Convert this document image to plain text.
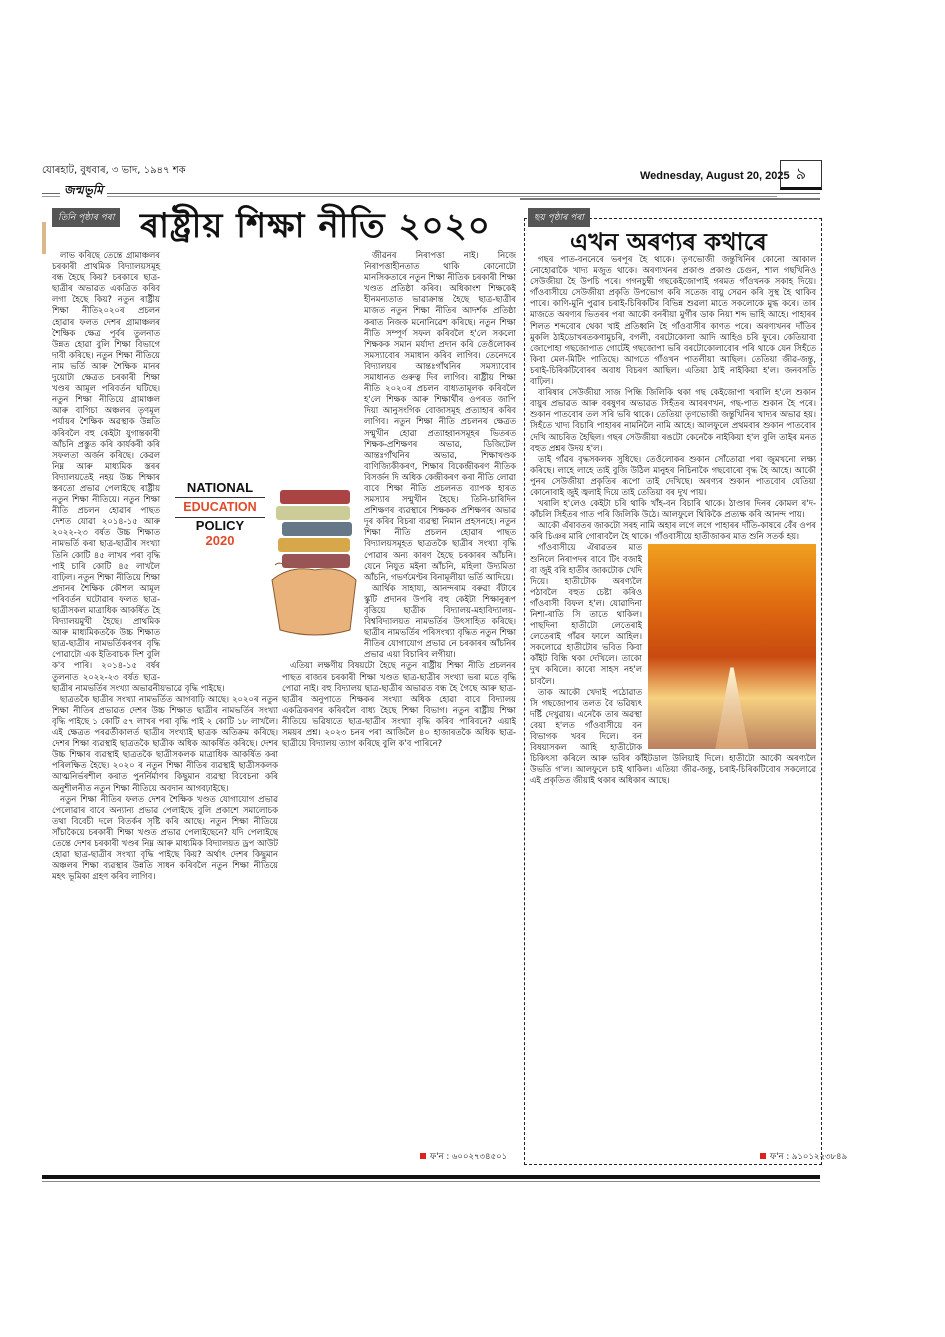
যোৰহাট, বুধবাৰ, ৩ ভাদ, ১৯৪৭ শক	Wednesday, August 20, 2025 ৯
জন্মভূমি
তিনি পৃষ্ঠাৰ পৰা ৰাষ্ট্ৰীয় শিক্ষা নীতি ২০২০

লাভ কৰিছে তেন্তে গ্ৰামাঞ্চলৰ চৰকাৰী প্ৰাথমিক বিদ্যালয়সমূহ বন্ধ হৈছে কিয়? চৰকাৰে ছাত্ৰ-ছাত্ৰীৰ অভাৱত একত্ৰিত কৰিব লগা হৈছে কিয়? নতুন ৰাষ্ট্ৰীয় শিক্ষা নীতি২০২০ৰ প্ৰচলন হোৱাৰ ফলত দেশৰ গ্ৰামাঞ্চলৰ শৈক্ষিক ক্ষেত্ৰ পূৰ্বৰ তুলনাত উন্নত হোৱা বুলি শিক্ষা বিভাগে দাবী কৰিছে। নতুন শিক্ষা নীতিয়ে নাম ভৰ্তি আৰু শৈক্ষিক মানৰ দুয়োটা ক্ষেত্ৰত চৰকাৰী শিক্ষা খণ্ডৰ আমূল পৰিবৰ্তন ঘটিছে। নতুন শিক্ষা নীতিয়ে গ্ৰামাঞ্চল আৰু বাগিচা অঞ্চলৰ তৃণমূল পৰ্যায়ৰ শৈক্ষিক অৱস্থাক উন্নতি কৰিবলৈ বহু কেইটা যুগান্তকাৰী আঁচনি প্ৰস্তুত কৰি কাৰ্যকৰী কৰি সফলতা অৰ্জন কৰিছে। কেৱল নিম্ন আৰু মাধ্যমিক স্তৰৰ বিদ্যালয়তেই নহয় উচ্চ শিক্ষাৰ স্তৰতো প্ৰভাৱ পেলাইছে ৰাষ্ট্ৰীয় নতুন শিক্ষা নীতিয়ে। নতুন শিক্ষা নীতি প্ৰচলন হোৱাৰ পাছত দেশত যোৱা ২০১৪-১৫ আৰু ২০২২-২৩ বৰ্ষত উচ্চ শিক্ষাত নামভৰ্তি কৰা ছাত্ৰ-ছাত্ৰীৰ সংখ্যা তিনি কোটি ৪৫ লাখৰ পৰা বৃদ্ধি পাই চাৰি কোটি ৪৫ লাখলৈ বাঢ়িল। নতুন শিক্ষা নীতিয়ে শিক্ষা প্ৰদানৰ শৈক্ষিক কৌশল আমূল পৰিবৰ্তন ঘটোৱাৰ ফলত ছাত্ৰ-ছাত্ৰীসকল মাত্ৰাধিক আকৰ্ষিত হৈ বিদ্যালয়মুখী হৈছে। প্ৰাথমিক আৰু মাধ্যমিকতকৈ উচ্চ শিক্ষাত ছাত্ৰ-ছাত্ৰীৰ নামভৰ্তিকৰণৰ বৃদ্ধি পোৱাটো এক ইতিবাচক দিশ বুলি ক'ব পাৰি। ২০১৪-১৫ বৰ্ষৰ তুলনাত ২০২২-২৩ বৰ্ষত ছাত্ৰ-ছাত্ৰীৰ নামভৰ্তিৰ সংখ্যা অভাৱনীয়ভাৱে বৃদ্ধি পাইছে।

ছাত্ৰতকৈ ছাত্ৰীৰ সংখ্যা নামভৰ্তিত আগবাঢ়ি আছে। ২০২০ৰ নতুন শিক্ষা নীতিৰ প্ৰভাৱত দেশৰ উচ্চ শিক্ষাত ছাত্ৰীৰ নামভৰ্তিৰ সংখ্যা বৃদ্ধি পাইছে ১ কোটি ৫৭ লাখৰ পৰা বৃদ্ধি পাই ২ কোটি ১৮ লাখলৈ। এই ক্ষেত্ৰত পৰৱৰ্তীকালৰ্ত ছাত্ৰীৰ সংখ্যাই ছাত্ৰক অতিক্ৰম কৰিছে। দেশৰ শিক্ষা ব্যৱস্থাই ছাত্ৰতকৈ ছাত্ৰীক অধিক আকৰ্ষিত কৰিছে। দেশৰ উচ্চ শিক্ষাৰ ব্যৱস্থাই ছাত্ৰতকৈ ছাত্ৰীসকলক মাত্ৰাধিক আকৰ্ষিত কৰা পৰিলক্ষিত হৈছে। ২০২০ ৰ নতুন শিক্ষা নীতিৰ ব্যৱস্থাই ছাত্ৰীসকলক আত্মনিৰ্ভৰশীল কৰাত পুনৰ্নিৰ্মাণৰ কিছুমান ব্যৱস্থা বিবেচনা কৰি অনুশীলনীত নতুন শিক্ষা নীতিয়ে অবদান আগবঢ়াইছে।

নতুন শিক্ষা নীতিৰ ফলত দেশৰ শৈক্ষিক খণ্ডত যোগাযোগ প্ৰভাৱ পেলোৱাৰ বাবে অন্যান্য প্ৰভাৱ পেলাইছে বুলি প্ৰকাশে সমালোচক তথা বিবেচী দলে বিতৰ্কৰ সৃষ্টি কৰি আছে। নতুন শিক্ষা নীতিয়ে সাঁচাকৈয়ে চৰকাৰী শিক্ষা খণ্ডত প্ৰভাৱ পেলাইছেনে? যদি পেলাইছে তেন্তে দেশৰ চৰকাৰী খণ্ডৰ নিম্ন আৰু মাধ্যমিক বিদ্যালয়ত ড্ৰপ আউট হোৱা ছাত্ৰ-ছাত্ৰীৰ সংখ্যা বৃদ্ধি পাইছে কিয়? অৰ্থাৎ দেশৰ কিছুমান অঞ্চলৰ শিক্ষা ব্যৱস্থাৰ উন্নতি সাধন কৰিবলৈ নতুন শিক্ষা নীতিয়ে মহৎ ভূমিকা গ্ৰহণ কৰিব লাগিব।

জীৱনৰ নিৰাপত্তা নাই। নিজে নিৰাপত্তাহীনতাত থাকি কোনোটো মানসিকতাৰে নতুন শিক্ষা নীতিক চৰকাৰী শিক্ষা খণ্ডত প্ৰতিষ্ঠা কৰিব। অধিকাংশ শিক্ষকেই হীনমন্যতাত ভাৱাক্ৰান্ত হৈছে ছাত্ৰ-ছাত্ৰীৰ মাজত নতুন শিক্ষা নীতিৰ আদৰ্শক প্ৰতিষ্ঠা কৰাত নিজক মনোনিৱেশ কৰিছে। নতুন শিক্ষা নীতি সম্পূৰ্ণ সফল কৰিবলৈ হ'লে সকলো শিক্ষকক সমান মৰ্যাদা প্ৰদান কৰি তেওঁলোকৰ সমস্যাবোৰ সমাধান কৰিব লাগিব। তেনেদৰে বিদ্যালয়ৰ আন্তঃগাঁথনিৰ সমস্যাবোৰ সমাধানত গুৰুত্ব দিব লাগিব। ৰাষ্ট্ৰীয় শিক্ষা নীতি ২০২০ৰ প্ৰচলন বাধ্যতামূলক কৰিবলৈ হ'লে শিক্ষক আৰু শিক্ষাৰ্থীৰ ওপৰত জাপি দিয়া আনুসংগিক বোজাসমূহ প্ৰত্যাহাৰ কৰিব লাগিব। নতুন শিক্ষা নীতি প্ৰচলনৰ ক্ষেত্ৰত সন্মুখীন হোৱা প্ৰত্যাহ্বানসমূহৰ ভিতৰত শিক্ষক-প্ৰশিক্ষণৰ অভাৱ, ডিজিটেল আন্তঃগাঁথনিৰ অভাৱ, শিক্ষাখণ্ডক বাণিজ্যিকীকৰণ, শিক্ষাৰ বিকেন্দ্ৰীকৰণ নীতিক বিসৰ্জন দি অধিক কেন্দ্ৰীকৰণ কৰা নীতি লোৱা বাবে শিক্ষা নীতি প্ৰচলনত ব্যাপক হাৰত সমস্যাৰ সন্মুখীন হৈছে। তিনি-চাৰিদিন প্ৰশিক্ষণৰ ব্যৱস্থাৰে শিক্ষকক প্ৰশিক্ষণৰ অভাৱ দূৰ কৰিব বিচৰা ব্যৱস্থা নিমান প্ৰহসনহে। নতুন শিক্ষা নীতি প্ৰচলন হোৱাৰ পাছত বিদ্যালয়সমূহত ছাত্ৰতকৈ ছাত্ৰীৰ সংখ্যা বৃদ্ধি পোৱাৰ অন্য কাৰণ হৈছে চৰকাৰৰ আঁচনি। যেনে নিযুত মইনা আঁচনি, মহিলা উদ্যমিতা আঁচনি, গভৰ্ণমেণ্টৰ বিনামূলীয়া ভৰ্তি আদিয়ে।

আৰ্থিক সাহায্য, আনন্দৰাম বৰুৱা বঁটাৰে স্কুটি প্ৰদানৰ উপৰি বহু কেইটা শিক্ষানুৰূপ বৃত্তিয়ে ছাত্ৰীক বিদ্যালয়-মহাবিদ্যালয়-বিশ্ববিদ্যালয়ত নামভৰ্তিৰ উৎসাহিত কৰিছে। ছাত্ৰীৰ নামভৰ্তিৰ পৰিসংখ্যা বৃদ্ধিত নতুন শিক্ষা নীতিৰ যোগাযোগ প্ৰভাৱ নে চৰকাৰৰ আঁচনিৰ প্ৰভাৱ এয়া বিচাৰিব লগীয়া।

এতিয়া লক্ষণীয় বিষয়টো হৈছে নতুন ৰাষ্ট্ৰীয় শিক্ষা নীতি প্ৰচলনৰ পাছত ৰাজ্যৰ চৰকাৰী শিক্ষা খণ্ডত ছাত্ৰ-ছাত্ৰীৰ সংখ্যা ভৰা মতে বৃদ্ধি পোৱা নাই। বহু বিদ্যালয় ছাত্ৰ-ছাত্ৰীৰ অভাৱত বন্ধ হৈ গৈছে আৰু ছাত্ৰ-ছাত্ৰীৰ অনুপাতে শিক্ষকৰ সংখ্যা অধিক হোৱা বাবে বিদ্যালয় একত্ৰিকৰণৰ কৰিবলৈ বাধ্য হৈছে শিক্ষা বিভাগ। নতুন ৰাষ্ট্ৰীয় শিক্ষা নীতিয়ে ভৱিষ্যতে ছাত্ৰ-ছাত্ৰীৰ সংখ্যা বৃদ্ধি কৰিব পাৰিবনে? এয়াই সময়ৰ প্ৰশ্ন। ২০২৩ চনৰ পৰা আজিলৈ ৪০ হাজাৰতকৈ অধিক ছাত্ৰ-ছাত্ৰীয়ে বিদ্যালয় ত্যাগ কৰিছে বুলি ক'ব পাৰিনে?

NATIONAL
EDUCATION
POLICY
2020
ফ'ন : ৬০০২৭৩৪৫০১
ছয় পৃষ্ঠাৰ পৰা
এখন অৰণ্যৰ কথাৰে

গছৰ পাত-বননেৰে ভৰপূৰ হৈ থাকে। তৃণভোজী জন্তুখিনিৰ কোনো আকাল নোহোৱাকৈ খাদ্য মজুত থাকে। অৰণ্যখনৰ প্ৰকাণ্ড প্ৰকাণ্ড চেগুন, শাল গছখিনিও সেউজীয়া হৈ উপচি পৰে। গগনচুম্বী গছকেইজোপাই গৰমত গাঁওখনক সকাহ দিয়ে। গাঁওবাসীয়ে সেউজীয়া প্ৰকৃতি উপভোগ কৰি সতেজ বায়ু সেৱন কৰি সুস্থ হৈ থাকিব পাৰে। কাণি-মুনি পুৱাৰ চৰাই-চিৰিকটিৰ বিভিন্ন শুৱলা মাতে সকলোকে মুগ্ধ কৰে। তাৰ মাজতে অৰণ্যৰ ভিতৰৰ পৰা আকৌ বনৰীয়া মুৰ্গীৰ ডাক নিয়া শব্দ ভাহি আহে। পাহাৰৰ শিলত শব্দবোৰ থেকা খাই প্ৰতিধ্বনি হৈ গাঁওবাসীৰ কাণত পৰে। অৰণ্যখনৰ দাঁতিৰ মুকলি ঠাইডোখৰতকণামুচৰি, বগলী, বৰটোকোলা আদি আহিও চৰি ফুৰে। কেতিয়াবা জোপোহা গছজোপাত গোটেই গছজোপা ভৰি বৰটোকোলাবোৰ পৰি থাকে যেন সিহঁতে কিবা মেল-মিটিং পাতিছে। আগতে গাঁওখন পাতলীয়া আছিল। তেতিয়া জীৱ-জন্তু, চৰাই-চিৰিকটিবোৰৰ অবাধ বিচৰণ আছিল। এতিয়া ঠাই নাইকিয়া হ'ল। জনবসতি বাঢ়িল।

বাৰিষাৰ সেউজীয়া সাজ পিন্ধি জিলিকি থকা গছ কেইজোপা খৰালি হ'লে শুকান বায়ুৰ প্ৰভাৱত আৰু বৰষুণৰ অভাৱত সিহঁতৰ আবৰণখন, গছ-পাত শুকান হৈ পৰে। শুকান পাতবোৰ তল সৰি ভৰি থাকে। তেতিয়া তৃণভোজী জন্তুখিনিৰ খাদ্যৰ অভাৱ হয়। সিহঁতে খাদ্য বিচাৰি পাহাৰৰ নামনিলৈ নামি আহে। আলফুলে প্ৰথমবাৰ শুকান পাতবোৰ দেখি আচৰিত হৈছিল। গছৰ সেউজীয়া ৰঙটো কেনেকৈ নাইকিয়া হ'ল বুলি তাইৰ মনত বহুত প্ৰশ্নৰ উদয় হ'ল।

তাই গাঁৱৰ বৃদ্ধসকলক সুধিছে। তেওঁলোকৰ শুকান সোঁতোৱা পৰা জুমখনো লক্ষ্য কৰিছে। লাহে লাহে তাই বুজি উঠিল মানুহৰ নিচিনাকৈ গছবোৰো বৃদ্ধ হৈ আহে। আকৌ পুনৰ সেউজীয়া প্ৰকৃতিৰ ৰূপো তাই দেখিছে। অৰণ্যৰ শুকান পাতবোৰ যেতিয়া কোনোবাই জুই জ্বলাই দিয়ে তাই তেতিয়া বৰ দুখ পায়।

খৰালি হ'লেও কেইটা চৰি থাকি খাঁহ-বন বিচাৰি থাকে। ঠাণ্ডাৰ দিনৰ কোমল ৰ'দ-কাঁচলি সিহঁতৰ গাত পৰি জিলিকি উঠে। আলফুলে থিকিকৈ প্ৰত্যক্ষ কৰি আনন্দ পায়।

আকৌ এঁৰাবতৰ জাকটো সৰহ নামি অহাৰ লগে লগে পাহাৰৰ দাঁতি-কাষৰে বেঁৰ ওপৰ কৰি চিঞৰ মাৰি গোৰাবলৈ হৈ থাকে। গাঁওবাসীয়ে হাতীজাকৰ মাত শুনি সতৰ্ক হয়।

গাঁওবাসীয়ে ঐৰাৱতৰ মাত শুনিলে নিৰাপদৰ বাবে টিং বজাই বা জুই বৰি হাতীৰ জাকটোক খেদি দিয়ে। হাতীটোক অৰণ্যলৈ পঠাবলৈ বহুত চেষ্টা কৰিও গাঁওবাসী বিফল হ'ল। যোৱাদিনা নিশা-ৰাতি সি তাতে থাকিল। পাছদিনা হাতীটো লেতেৰাই লেতেৰাই গাঁৱৰ ফালে আহিল। সকলোৱে হাতীটোৰ ভবিত কিবা কাঁইট বিন্ধি থকা দেখিলে। তাকো দুখ কৰিলে। কাৰো সাহস নহ'ল চাবলৈ।

তাক আকৌ খেদাই পঠোৱাত সি গছজোপাৰ তলত বৈ ভৱিষ্যৎ দৰ্ষ্টি দেখুৱায়। এনেকৈ তাৰ অৱস্থা বেয়া হ'লত গাঁওবাসীয়ে বন বিভাগক খবৰ দিলে। বন বিষয়াসকল আহি হাতীটোক চিকিৎসা কৰিলে আৰু ভবিৰ কাঁইটডাল উলিয়াই দিলে। হাতীটো আকৌ অৰণ্যলৈ উভতি গ'ল। আলফুলে চাই থাকিল। এতিয়া জীৱ-জন্তু, চৰাই-চিৰিকটিবোৰ সকলোৱে এই প্ৰকৃতিত জীয়াই থকাৰ অধিকাৰ আছে।

ফ'ন : ৯১০১২২৩৮৪৯
